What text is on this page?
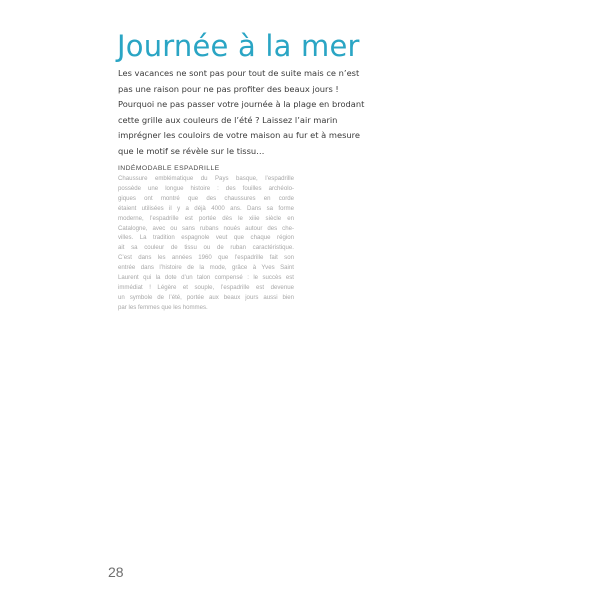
Journée à la mer

Les vacances ne sont pas pour tout de suite mais ce n’est
pas une raison pour ne pas profiter des beaux jours !
Pourquoi ne pas passer votre journée à la plage en brodant
cette grille aux couleurs de l’été ? Laissez l’air marin
imprégner les couloirs de votre maison au fur et à mesure
que le motif se révèle sur le tissu…

INDÉMODABLE ESPADRILLE

Chaussure emblématique du Pays basque, l’espadrille
possède une longue histoire : des fouilles archéolo-
giques ont montré que des chaussures en corde
étaient utilisées il y a déjà 4000 ans. Dans sa forme
moderne, l’espadrille est portée dès le xiiie siècle en
Catalogne, avec ou sans rubans noués autour des che-
villes. La tradition espagnole veut que chaque région
ait sa couleur de tissu ou de ruban caractéristique.
C’est dans les années 1960 que l’espadrille fait son
entrée dans l’histoire de la mode, grâce à Yves Saint
Laurent qui la dote d’un talon compensé : le succès est
immédiat ! Légère et souple, l’espadrille est devenue
un symbole de l’été, portée aux beaux jours aussi bien
par les femmes que les hommes.

28
